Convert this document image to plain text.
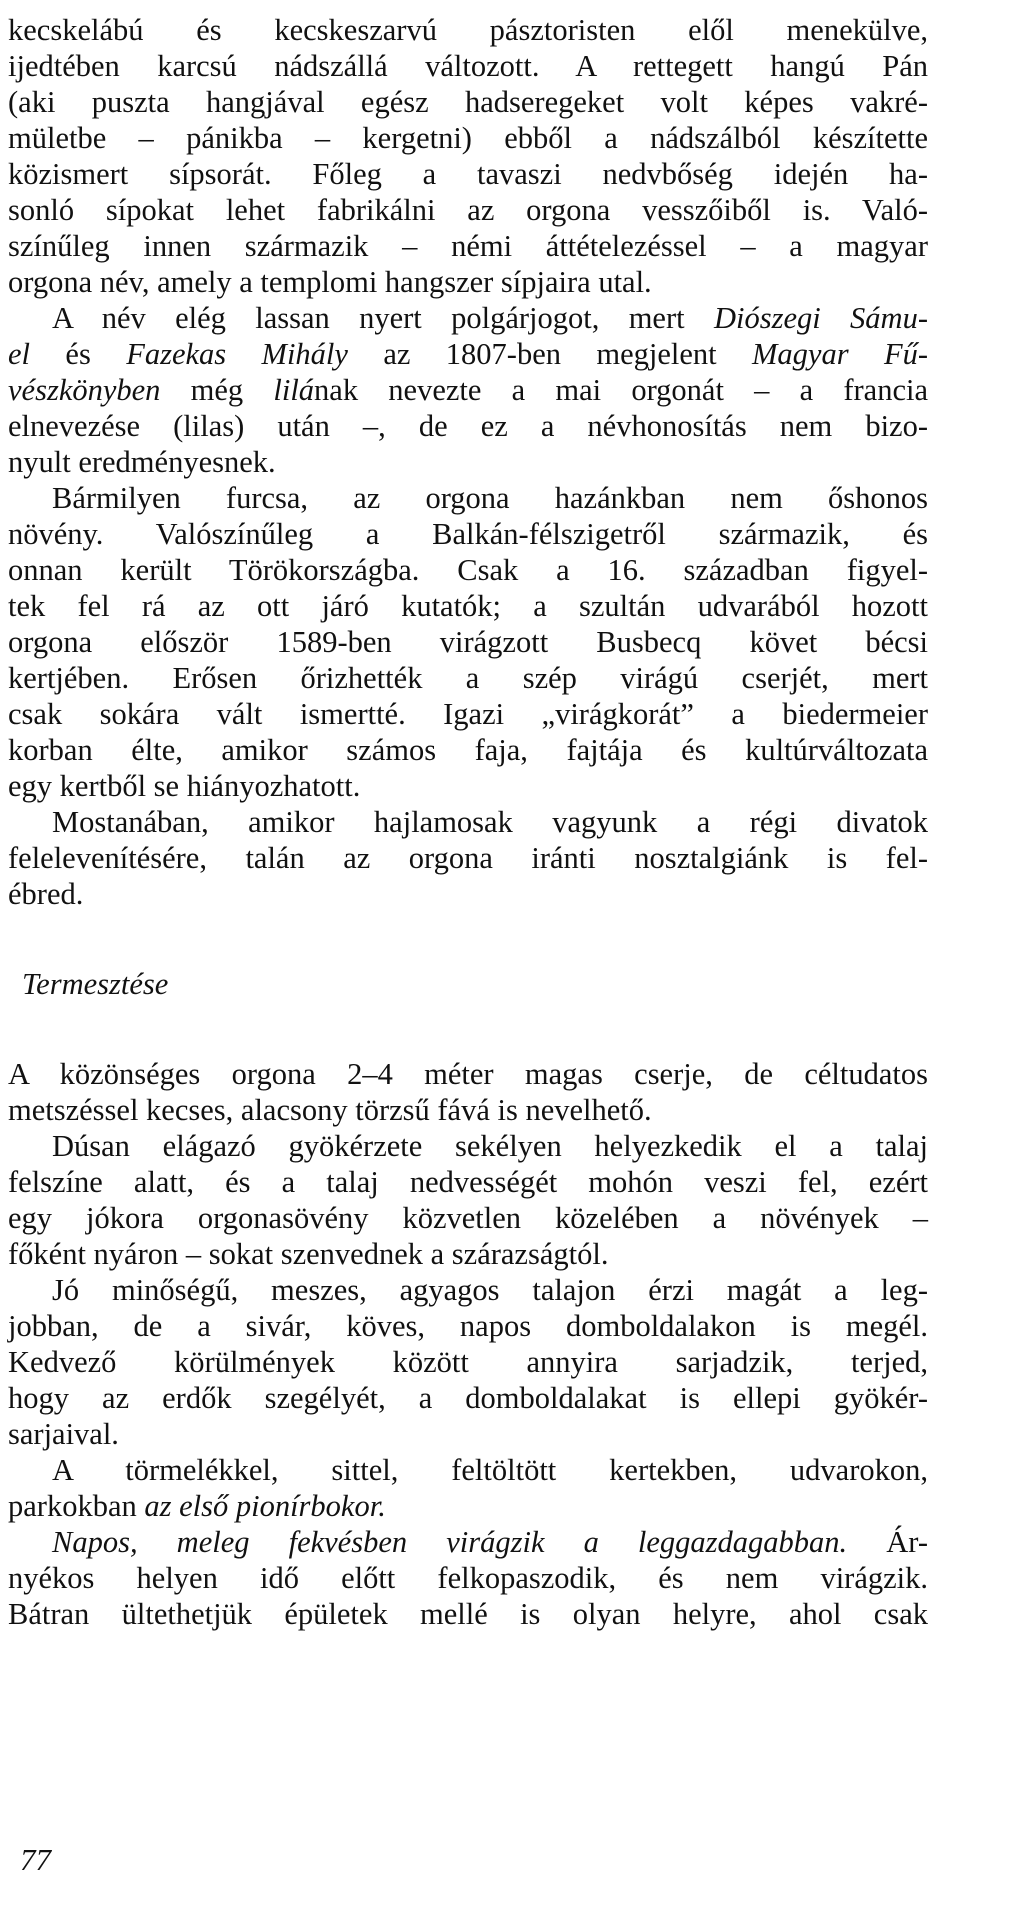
kecskelábú és kecskeszarvú pásztoristen elől menekülve,
ijedtében karcsú nádszállá változott. A rettegett hangú Pán
(aki puszta hangjával egész hadseregeket volt képes vakré-
mületbe – pánikba – kergetni) ebből a nádszálból készítette
közismert sípsorát. Főleg a tavaszi nedvbőség idején ha-
sonló sípokat lehet fabrikálni az orgona vesszőiből is. Való-
színűleg innen származik – némi áttételezéssel – a magyar
orgona név, amely a templomi hangszer sípjaira utal.
A név elég lassan nyert polgárjogot, mert Diószegi Sámu-
el és Fazekas Mihály az 1807-ben megjelent Magyar Fű-
vészkönyben még lilának nevezte a mai orgonát – a francia
elnevezése (lilas) után –, de ez a névhonosítás nem bizo-
nyult eredményesnek.
Bármilyen furcsa, az orgona hazánkban nem őshonos
növény. Valószínűleg a Balkán-félszigetről származik, és
onnan került Törökországba. Csak a 16. században figyel-
tek fel rá az ott járó kutatók; a szultán udvarából hozott
orgona először 1589-ben virágzott Busbecq követ bécsi
kertjében. Erősen őrizhették a szép virágú cserjét, mert
csak sokára vált ismertté. Igazi „virágkorát” a biedermeier
korban élte, amikor számos faja, fajtája és kultúrváltozata
egy kertből se hiányozhatott.
Mostanában, amikor hajlamosak vagyunk a régi divatok
felelevenítésére, talán az orgona iránti nosztalgiánk is fel-
ébred.
Termesztése
A közönséges orgona 2–4 méter magas cserje, de céltudatos
metszéssel kecses, alacsony törzsű fává is nevelhető.
Dúsan elágazó gyökérzete sekélyen helyezkedik el a talaj
felszíne alatt, és a talaj nedvességét mohón veszi fel, ezért
egy jókora orgonasövény közvetlen közelében a növények –
főként nyáron – sokat szenvednek a szárazságtól.
Jó minőségű, meszes, agyagos talajon érzi magát a leg-
jobban, de a sivár, köves, napos domboldalakon is megél.
Kedvező körülmények között annyira sarjadzik, terjed,
hogy az erdők szegélyét, a domboldalakat is ellepi gyökér-
sarjaival.
A törmelékkel, sittel, feltöltött kertekben, udvarokon,
parkokban az első pionírbokor.
Napos, meleg fekvésben virágzik a leggazdagabban. Ár-
nyékos helyen idő előtt felkopaszodik, és nem virágzik.
Bátran ültethetjük épületek mellé is olyan helyre, ahol csak
77
